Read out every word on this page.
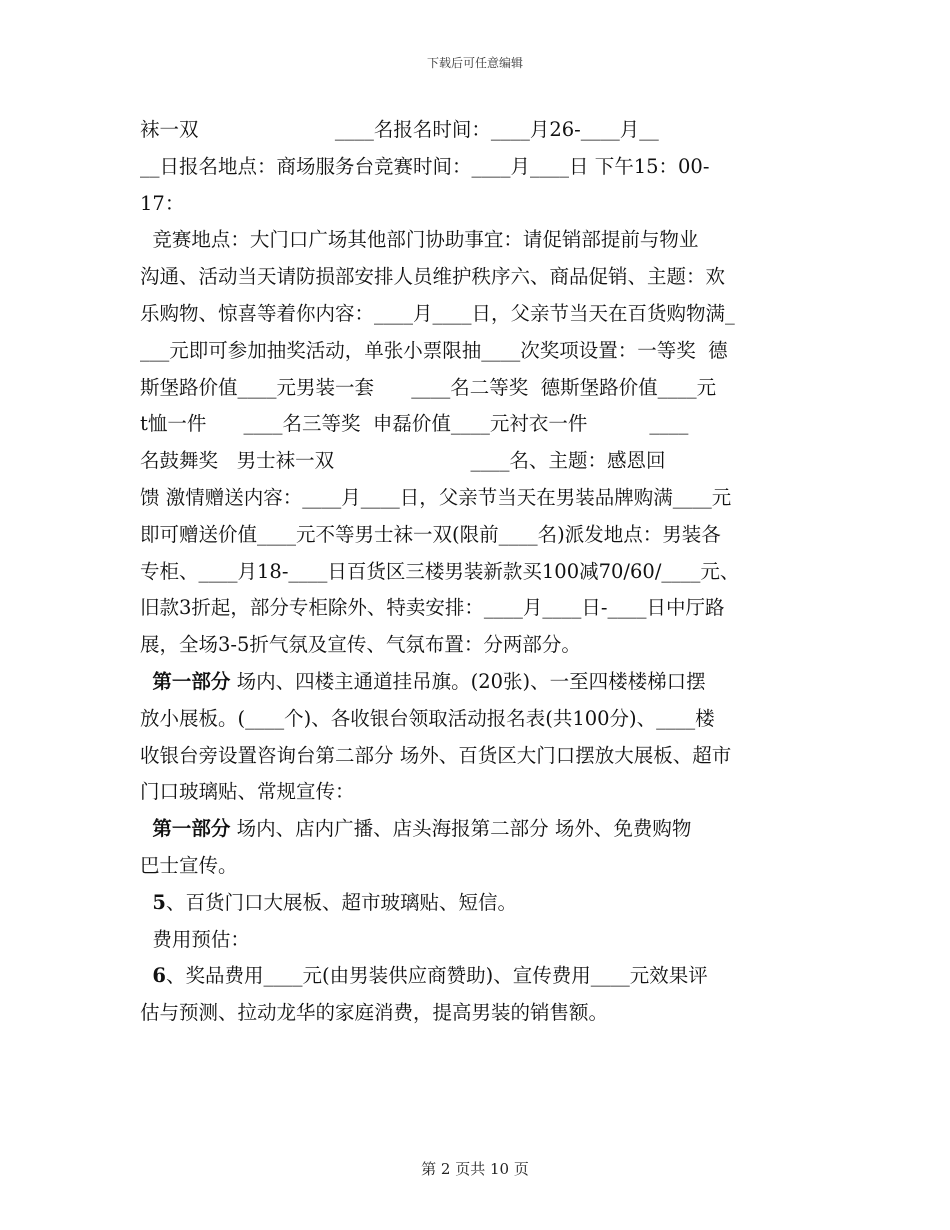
下载后可任意编辑
袜一双                      ____名报名时间：____月26-____月__
__日报名地点：商场服务台竞赛时间：____月____日 下午15：00-
17：
竞赛地点：大门口广场其他部门协助事宜：请促销部提前与物业
沟通、活动当天请防损部安排人员维护秩序六、商品促销、主题：欢
乐购物、惊喜等着你内容：____月____日，父亲节当天在百货购物满_
___元即可参加抽奖活动，单张小票限抽____次奖项设置：一等奖  德
斯堡路价值____元男装一套      ____名二等奖  德斯堡路价值____元
t恤一件      ____名三等奖  申磊价值____元衬衣一件          ____
名鼓舞奖   男士袜一双                      ____名、主题：感恩回
馈 激情赠送内容：____月____日，父亲节当天在男装品牌购满____元
即可赠送价值____元不等男士袜一双(限前____名)派发地点：男装各
专柜、____月18-____日百货区三楼男装新款买100减70/60/____元、
旧款3折起，部分专柜除外、特卖安排：____月____日-____日中厅路
展，全场3-5折气氛及宣传、气氛布置：分两部分。
第一部分 场内、四楼主通道挂吊旗。(20张)、一至四楼楼梯口摆
放小展板。(____个)、各收银台领取活动报名表(共100分)、____楼
收银台旁设置咨询台第二部分 场外、百货区大门口摆放大展板、超市
门口玻璃贴、常规宣传：
第一部分 场内、店内广播、店头海报第二部分 场外、免费购物
巴士宣传。
5、百货门口大展板、超市玻璃贴、短信。
费用预估：
6、奖品费用____元(由男装供应商赞助)、宣传费用____元效果评
估与预测、拉动龙华的家庭消费，提高男装的销售额。
第 2 页共 10 页
